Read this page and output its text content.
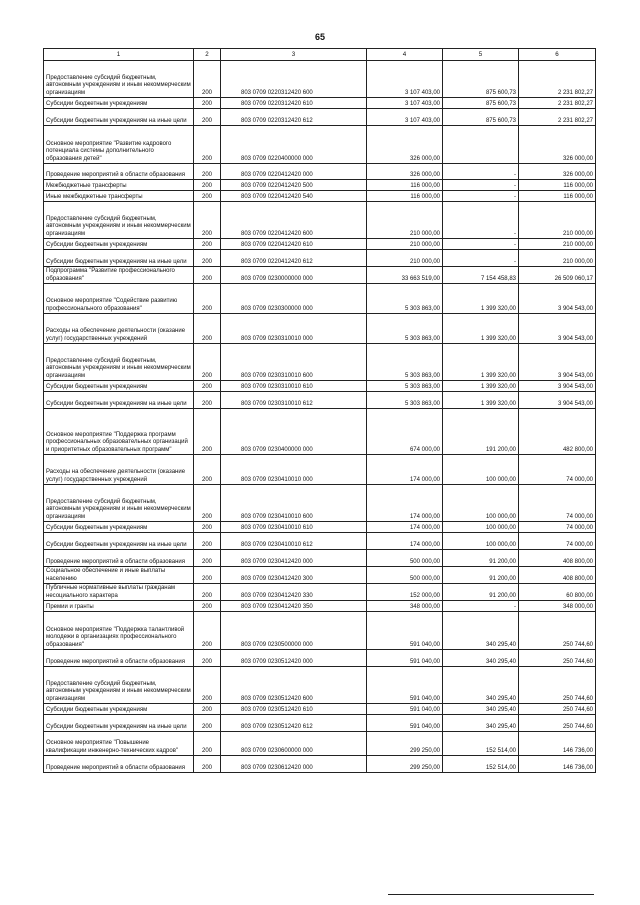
65
1	2	3	4	5	6
Предоставление субсидий бюджетным, автономным учреждениям и иным некоммерческим организациям	200	803 0709 0220312420 600	3 107 403,00	875 600,73	2 231 802,27
Субсидии бюджетным учреждениям	200	803 0709 0220312420 610	3 107 403,00	875 600,73	2 231 802,27
Субсидии бюджетным учреждениям на иные цели	200	803 0709 0220312420 612	3 107 403,00	875 600,73	2 231 802,27
Основное мероприятие "Развитие кадрового потенциала системы дополнительного образования детей"	200	803 0709 0220400000 000	326 000,00		326 000,00
Проведение мероприятий в области образования	200	803 0709 0220412420 000	326 000,00	-	326 000,00
Межбюджетные трансферты	200	803 0709 0220412420 500	116 000,00	-	116 000,00
Иные межбюджетные трансферты	200	803 0709 0220412420 540	116 000,00	-	116 000,00
Предоставление субсидий бюджетным, автономным учреждениям и иным некоммерческим организациям	200	803 0709 0220412420 600	210 000,00	-	210 000,00
Субсидии бюджетным учреждениям	200	803 0709 0220412420 610	210 000,00	-	210 000,00
Субсидии бюджетным учреждениям на иные цели	200	803 0709 0220412420 612	210 000,00	-	210 000,00
Подпрограмма "Развитие профессионального образования"	200	803 0709 0230000000 000	33 663 519,00	7 154 458,83	26 509 060,17
Основное мероприятие "Содействие развитию профессионального образования"	200	803 0709 0230300000 000	5 303 863,00	1 399 320,00	3 904 543,00
Расходы на обеспечение деятельности (оказание услуг) государственных учреждений	200	803 0709 0230310010 000	5 303 863,00	1 399 320,00	3 904 543,00
Предоставление субсидий бюджетным, автономным учреждениям и иным некоммерческим организациям	200	803 0709 0230310010 600	5 303 863,00	1 399 320,00	3 904 543,00
Субсидии бюджетным учреждениям	200	803 0709 0230310010 610	5 303 863,00	1 399 320,00	3 904 543,00
Субсидии бюджетным учреждениям на иные цели	200	803 0709 0230310010 612	5 303 863,00	1 399 320,00	3 904 543,00
Основное мероприятие "Поддержка программ профессиональных образовательных организаций и приоритетных образовательных программ"	200	803 0709 0230400000 000	674 000,00	191 200,00	482 800,00
Расходы на обеспечение деятельности (оказание услуг) государственных учреждений	200	803 0709 0230410010 000	174 000,00	100 000,00	74 000,00
Предоставление субсидий бюджетным, автономным учреждениям и иным некоммерческим организациям	200	803 0709 0230410010 600	174 000,00	100 000,00	74 000,00
Субсидии бюджетным учреждениям	200	803 0709 0230410010 610	174 000,00	100 000,00	74 000,00
Субсидии бюджетным учреждениям на иные цели	200	803 0709 0230410010 612	174 000,00	100 000,00	74 000,00
Проведение мероприятий в области образования	200	803 0709 0230412420 000	500 000,00	91 200,00	408 800,00
Социальное обеспечение и иные выплаты населению	200	803 0709 0230412420 300	500 000,00	91 200,00	408 800,00
Публичные нормативные выплаты гражданам несоциального характера	200	803 0709 0230412420 330	152 000,00	91 200,00	60 800,00
Премии и гранты	200	803 0709 0230412420 350	348 000,00	-	348 000,00
Основное мероприятие "Поддержка талантливой молодежи в организациях профессионального образования"	200	803 0709 0230500000 000	591 040,00	340 295,40	250 744,60
Проведение мероприятий в области образования	200	803 0709 0230512420 000	591 040,00	340 295,40	250 744,60
Предоставление субсидий бюджетным, автономным учреждениям и иным некоммерческим организациям	200	803 0709 0230512420 600	591 040,00	340 295,40	250 744,60
Субсидии бюджетным учреждениям	200	803 0709 0230512420 610	591 040,00	340 295,40	250 744,60
Субсидии бюджетным учреждениям на иные цели	200	803 0709 0230512420 612	591 040,00	340 295,40	250 744,60
Основное мероприятие "Повышение квалификации инженерно-технических кадров"	200	803 0709 0230600000 000	299 250,00	152 514,00	146 736,00
Проведение мероприятий в области образования	200	803 0709 0230612420 000	299 250,00	152 514,00	146 736,00
